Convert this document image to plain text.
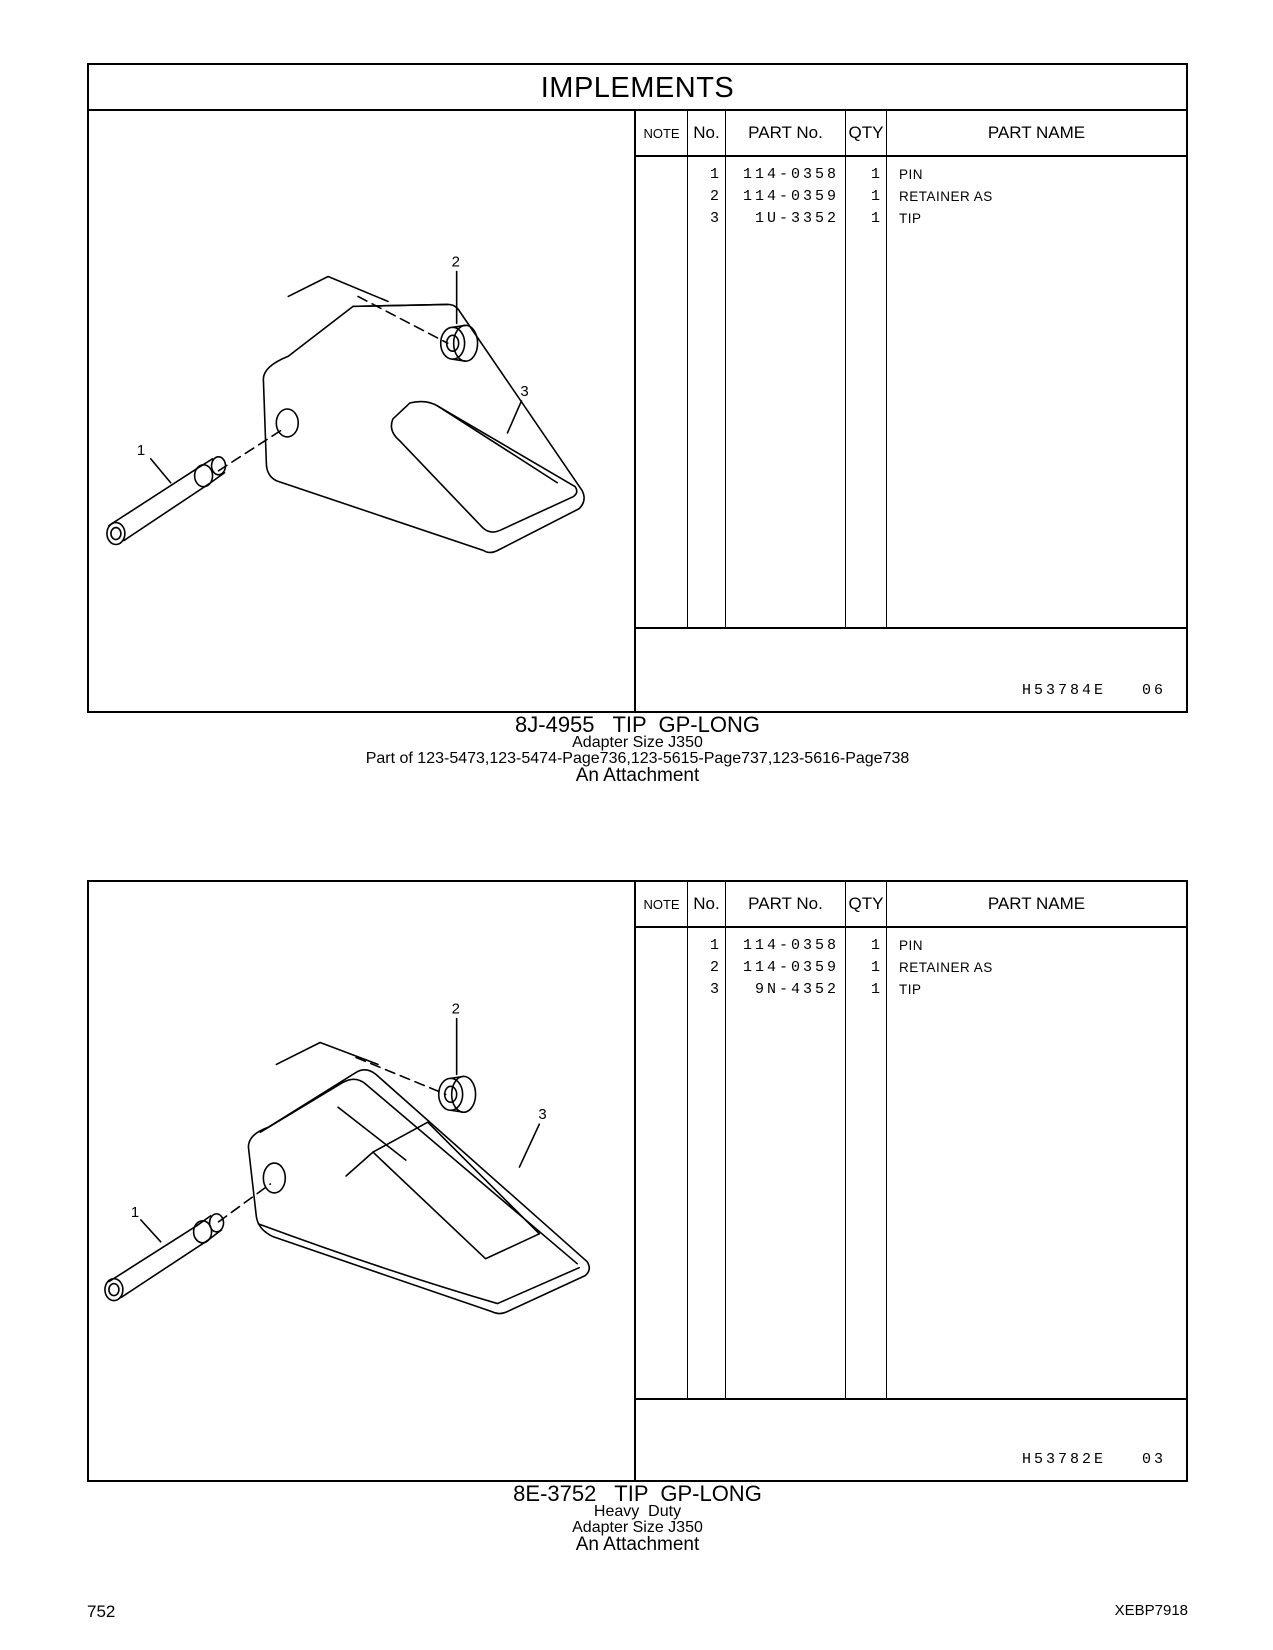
IMPLEMENTS
1
2
3
NOTE No.	PART No.	QTY	PART NAME
1	114-0358	1 PIN
2	114-0359	1 RETAINER AS
3	1U-3352	1 TIP
H53784E   06
8J-4955   TIP  GP-LONG
Adapter Size J350
Part of 123-5473,123-5474-Page736,123-5615-Page737,123-5616-Page738
An Attachment
1
2
3
NOTE No.	PART No.	QTY	PART NAME
1	114-0358	1 PIN
2	114-0359	1 RETAINER AS
3	9N-4352	1 TIP
H53782E   03
8E-3752   TIP  GP-LONG
Heavy  Duty
Adapter Size J350
An Attachment
752	XEBP7918
